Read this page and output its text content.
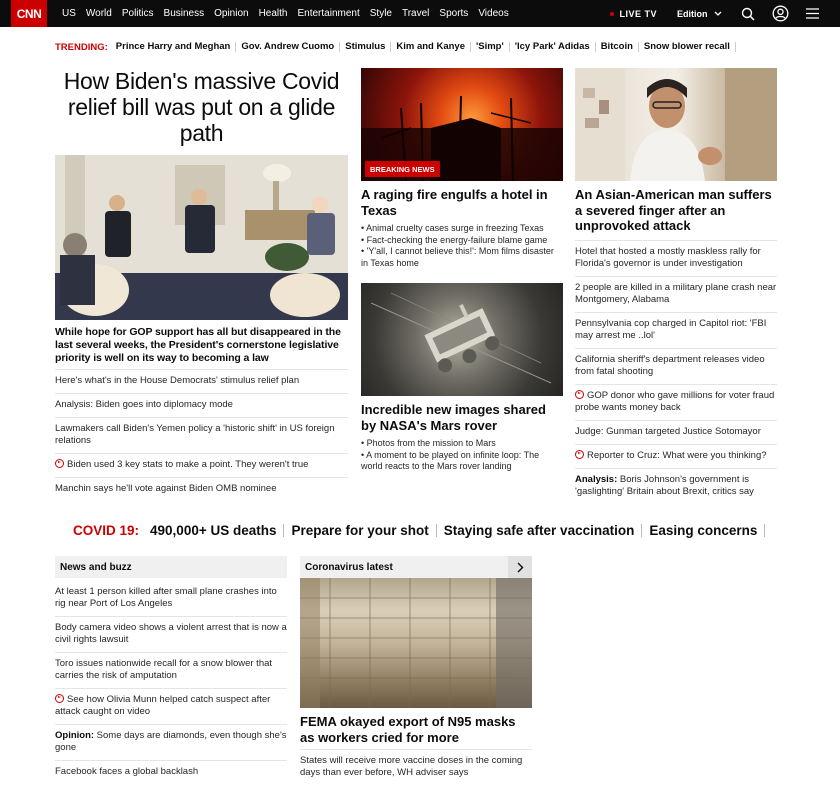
CNN	US	World	Politics	Business	Opinion	Health	Entertainment	Style	Travel	Sports	Videos	LIVE TV Edition
TRENDING: Prince Harry and Meghan	Gov. Andrew Cuomo	Stimulus	Kim and Kanye	'Simp'	'Icy Park' Adidas	Bitcoin	Snow blower recall
How Biden's massive Covid relief bill was put on a glide path

While hope for GOP support has all but disappeared in the last several weeks, the President's cornerstone legislative priority is well on its way to becoming a law

Here's what's in the House Democrats' stimulus relief plan
Analysis: Biden goes into diplomacy mode
Lawmakers call Biden's Yemen policy a 'historic shift' in US foreign relations
Biden used 3 key stats to make a point. They weren't true
Manchin says he'll vote against Biden OMB nominee
BREAKING NEWS
A raging fire engulfs a hotel in Texas
• Animal cruelty cases surge in freezing Texas
• Fact-checking the energy-failure blame game
• 'Y'all, I cannot believe this!': Mom films disaster in Texas home
Incredible new images shared by NASA's Mars rover
• Photos from the mission to Mars
• A moment to be played on infinite loop: The world reacts to the Mars rover landing
An Asian-American man suffers a severed finger after an unprovoked attack
Hotel that hosted a mostly maskless rally for Florida's governor is under investigation
2 people are killed in a military plane crash near Montgomery, Alabama
Pennsylvania cop charged in Capitol riot: 'FBI may arrest me ..lol'
California sheriff's department releases video from fatal shooting
GOP donor who gave millions for voter fraud probe wants money back
Judge: Gunman targeted Justice Sotomayor
Reporter to Cruz: What were you thinking?
Analysis: Boris Johnson's government is 'gaslighting' Britain about Brexit, critics say
COVID 19: 490,000+ US deaths	Prepare for your shot	Staying safe after vaccination	Easing concerns
News and buzz
At least 1 person killed after small plane crashes into rig near Port of Los Angeles
Body camera video shows a violent arrest that is now a civil rights lawsuit
Toro issues nationwide recall for a snow blower that carries the risk of amputation
See how Olivia Munn helped catch suspect after attack caught on video
Opinion: Some days are diamonds, even though she's gone
Facebook faces a global backlash
Coronavirus latest
FEMA okayed export of N95 masks as workers cried for more
States will receive more vaccine doses in the coming days than ever before, WH adviser says
